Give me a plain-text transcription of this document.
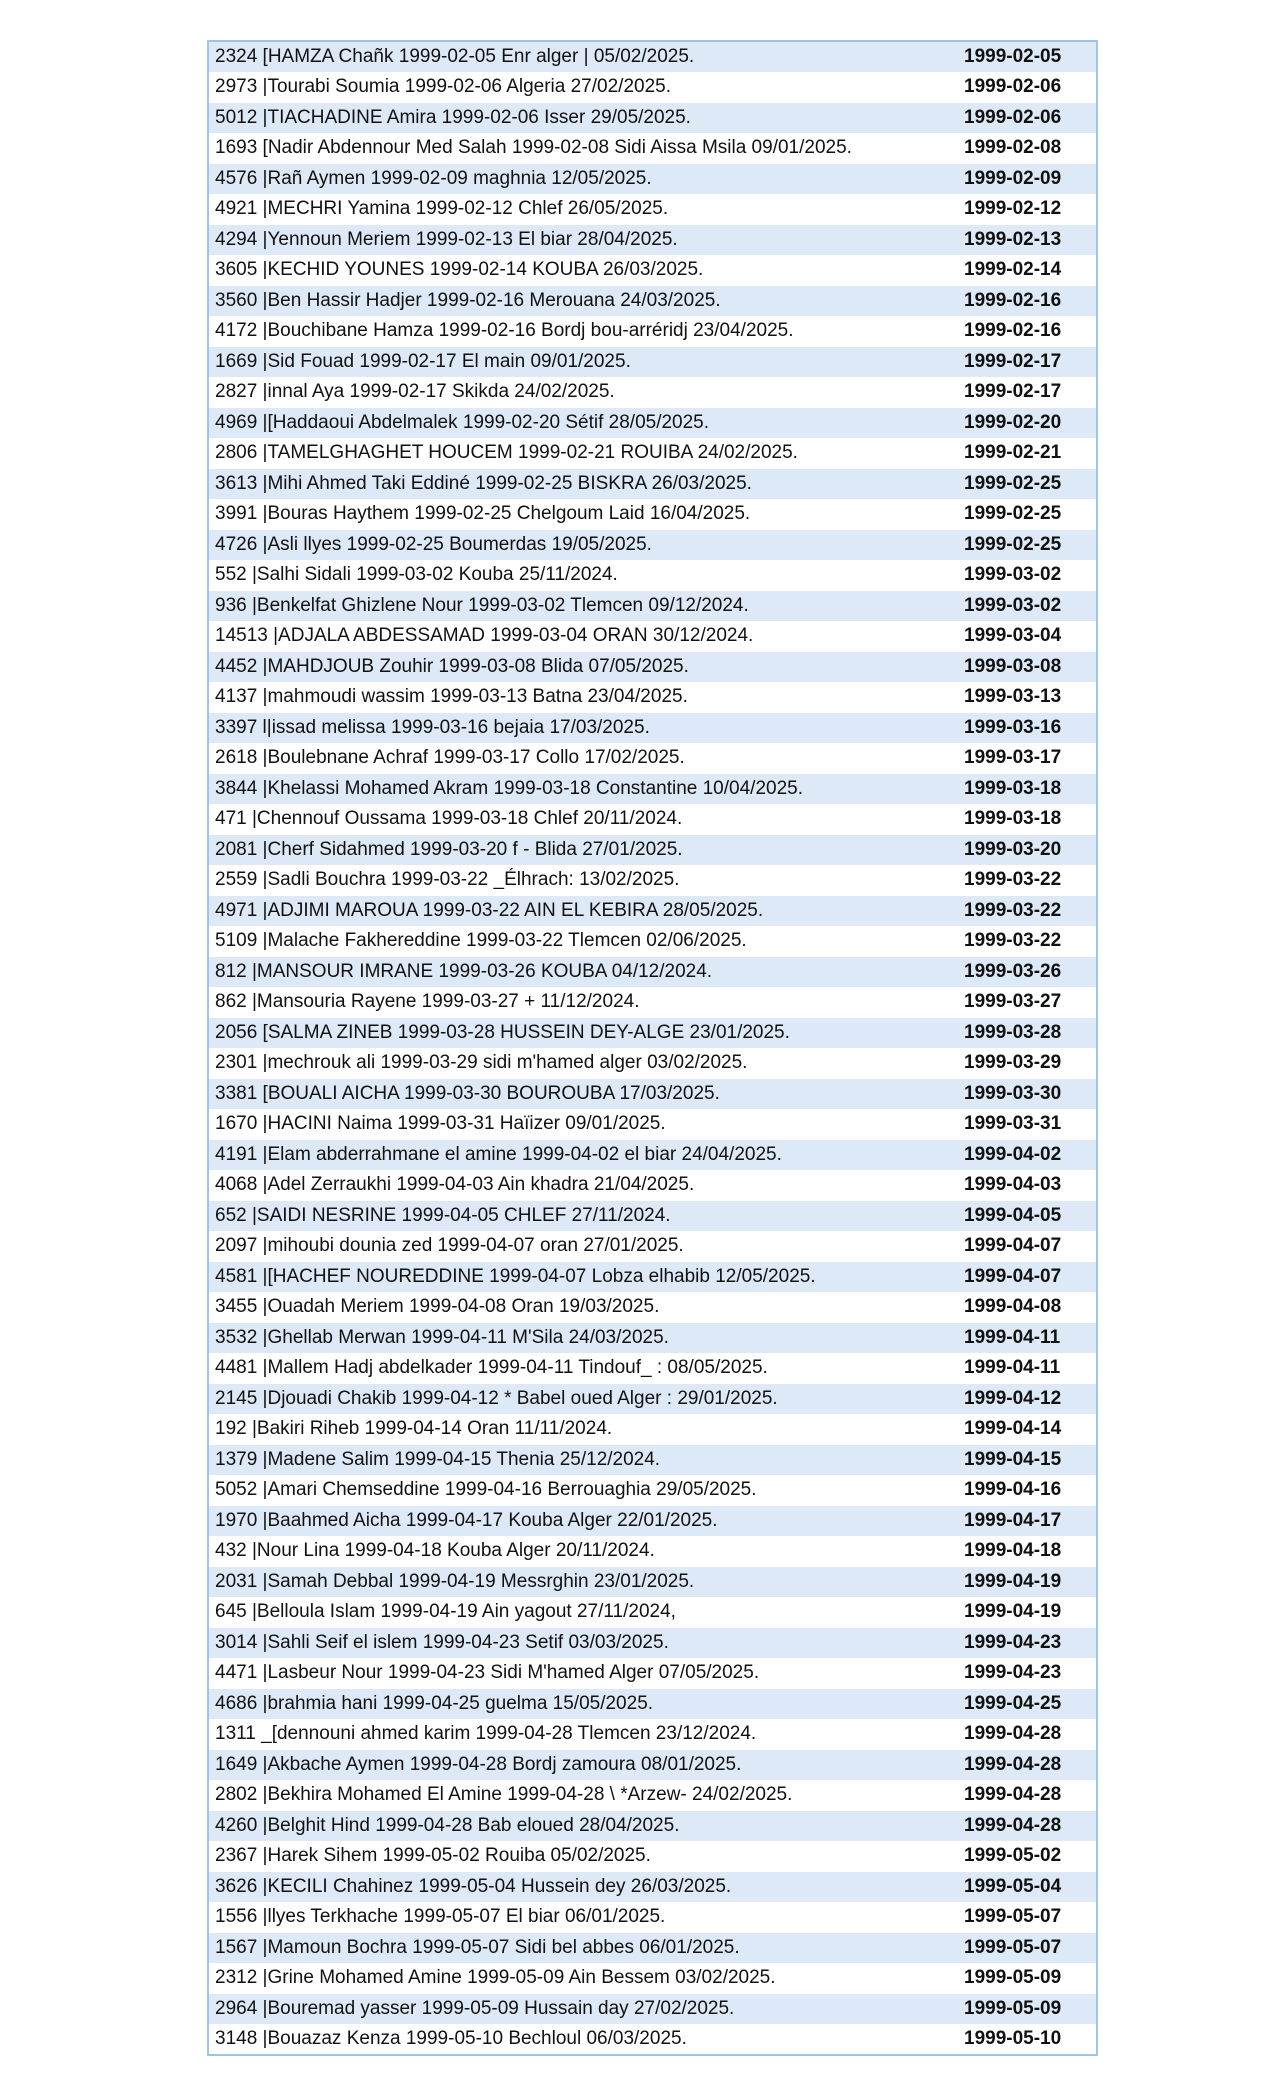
2324 [HAMZA Chañk 1999-02-05 Enr alger | 05/02/2025.	1999-02-05
2973 |Tourabi Soumia 1999-02-06 Algeria 27/02/2025.	1999-02-06
5012 |TIACHADINE Amira 1999-02-06 Isser 29/05/2025.	1999-02-06
1693 [Nadir Abdennour Med Salah 1999-02-08 Sidi Aissa Msila 09/01/2025.	1999-02-08
4576 |Rañ Aymen 1999-02-09 maghnia 12/05/2025.	1999-02-09
4921 |MECHRI Yamina 1999-02-12 Chlef 26/05/2025.	1999-02-12
4294 |Yennoun Meriem 1999-02-13 El biar 28/04/2025.	1999-02-13
3605 |KECHID YOUNES 1999-02-14 KOUBA 26/03/2025.	1999-02-14
3560 |Ben Hassir Hadjer 1999-02-16 Merouana 24/03/2025.	1999-02-16
4172 |Bouchibane Hamza 1999-02-16 Bordj bou-arréridj 23/04/2025.	1999-02-16
1669 |Sid Fouad 1999-02-17 El main 09/01/2025.	1999-02-17
2827 |innal Aya 1999-02-17 Skikda 24/02/2025.	1999-02-17
4969 |[Haddaoui Abdelmalek 1999-02-20 Sétif 28/05/2025.	1999-02-20
2806 |TAMELGHAGHET HOUCEM 1999-02-21 ROUIBA 24/02/2025.	1999-02-21
3613 |Mihi Ahmed Taki Eddiné 1999-02-25 BISKRA 26/03/2025.	1999-02-25
3991 |Bouras Haythem 1999-02-25 Chelgoum Laid 16/04/2025.	1999-02-25
4726 |Asli llyes 1999-02-25 Boumerdas 19/05/2025.	1999-02-25
552 |Salhi Sidali 1999-03-02 Kouba 25/11/2024.	1999-03-02
936 |Benkelfat Ghizlene Nour 1999-03-02 Tlemcen 09/12/2024.	1999-03-02
14513 |ADJALA ABDESSAMAD 1999-03-04 ORAN 30/12/2024.	1999-03-04
4452 |MAHDJOUB Zouhir 1999-03-08 Blida 07/05/2025.	1999-03-08
4137 |mahmoudi wassim 1999-03-13 Batna 23/04/2025.	1999-03-13
3397 l|issad melissa 1999-03-16 bejaia 17/03/2025.	1999-03-16
2618 |Boulebnane Achraf 1999-03-17 Collo 17/02/2025.	1999-03-17
3844 |Khelassi Mohamed Akram 1999-03-18 Constantine 10/04/2025.	1999-03-18
471 |Chennouf Oussama 1999-03-18 Chlef 20/11/2024.	1999-03-18
2081 |Cherf Sidahmed 1999-03-20 f - Blida 27/01/2025.	1999-03-20
2559 |Sadli Bouchra 1999-03-22 _Élhrach: 13/02/2025.	1999-03-22
4971 |ADJIMI MAROUA 1999-03-22 AIN EL KEBIRA 28/05/2025.	1999-03-22
5109 |Malache Fakhereddine 1999-03-22 Tlemcen 02/06/2025.	1999-03-22
812 |MANSOUR IMRANE 1999-03-26 KOUBA 04/12/2024.	1999-03-26
862 |Mansouria Rayene 1999-03-27 + 11/12/2024.	1999-03-27
2056 [SALMA ZINEB 1999-03-28 HUSSEIN DEY-ALGE 23/01/2025.	1999-03-28
2301 |mechrouk ali 1999-03-29 sidi m'hamed alger 03/02/2025.	1999-03-29
3381 [BOUALI AICHA 1999-03-30 BOUROUBA 17/03/2025.	1999-03-30
1670 |HACINI Naima 1999-03-31 Haïizer 09/01/2025.	1999-03-31
4191 |Elam abderrahmane el amine 1999-04-02 el biar 24/04/2025.	1999-04-02
4068 |Adel Zerraukhi 1999-04-03 Ain khadra 21/04/2025.	1999-04-03
652 |SAIDI NESRINE 1999-04-05 CHLEF 27/11/2024.	1999-04-05
2097 |mihoubi dounia zed 1999-04-07 oran 27/01/2025.	1999-04-07
4581 |[HACHEF NOUREDDINE 1999-04-07 Lobza elhabib 12/05/2025.	1999-04-07
3455 |Ouadah Meriem 1999-04-08 Oran 19/03/2025.	1999-04-08
3532 |Ghellab Merwan 1999-04-11 M'Sila 24/03/2025.	1999-04-11
4481 |Mallem Hadj abdelkader 1999-04-11 Tindouf_ : 08/05/2025.	1999-04-11
2145 |Djouadi Chakib 1999-04-12 * Babel oued Alger : 29/01/2025.	1999-04-12
192 |Bakiri Riheb 1999-04-14 Oran 11/11/2024.	1999-04-14
1379 |Madene Salim 1999-04-15 Thenia 25/12/2024.	1999-04-15
5052 |Amari Chemseddine 1999-04-16 Berrouaghia 29/05/2025.	1999-04-16
1970 |Baahmed Aicha 1999-04-17 Kouba Alger 22/01/2025.	1999-04-17
432 |Nour Lina 1999-04-18 Kouba Alger 20/11/2024.	1999-04-18
2031 |Samah Debbal 1999-04-19 Messrghin 23/01/2025.	1999-04-19
645 |Belloula Islam 1999-04-19 Ain yagout 27/11/2024,	1999-04-19
3014 |Sahli Seif el islem 1999-04-23 Setif 03/03/2025.	1999-04-23
4471 |Lasbeur Nour 1999-04-23 Sidi M'hamed Alger 07/05/2025.	1999-04-23
4686 |brahmia hani 1999-04-25 guelma 15/05/2025.	1999-04-25
1311 _[dennouni ahmed karim 1999-04-28 Tlemcen 23/12/2024.	1999-04-28
1649 |Akbache Aymen 1999-04-28 Bordj zamoura 08/01/2025.	1999-04-28
2802 |Bekhira Mohamed El Amine 1999-04-28 \ *Arzew- 24/02/2025.	1999-04-28
4260 |Belghit Hind 1999-04-28 Bab eloued 28/04/2025.	1999-04-28
2367 |Harek Sihem 1999-05-02 Rouiba 05/02/2025.	1999-05-02
3626 |KECILI Chahinez 1999-05-04 Hussein dey 26/03/2025.	1999-05-04
1556 |llyes Terkhache 1999-05-07 El biar 06/01/2025.	1999-05-07
1567 |Mamoun Bochra 1999-05-07 Sidi bel abbes 06/01/2025.	1999-05-07
2312 |Grine Mohamed Amine 1999-05-09 Ain Bessem 03/02/2025.	1999-05-09
2964 |Bouremad yasser 1999-05-09 Hussain day 27/02/2025.	1999-05-09
3148 |Bouazaz Kenza 1999-05-10 Bechloul 06/03/2025.	1999-05-10
